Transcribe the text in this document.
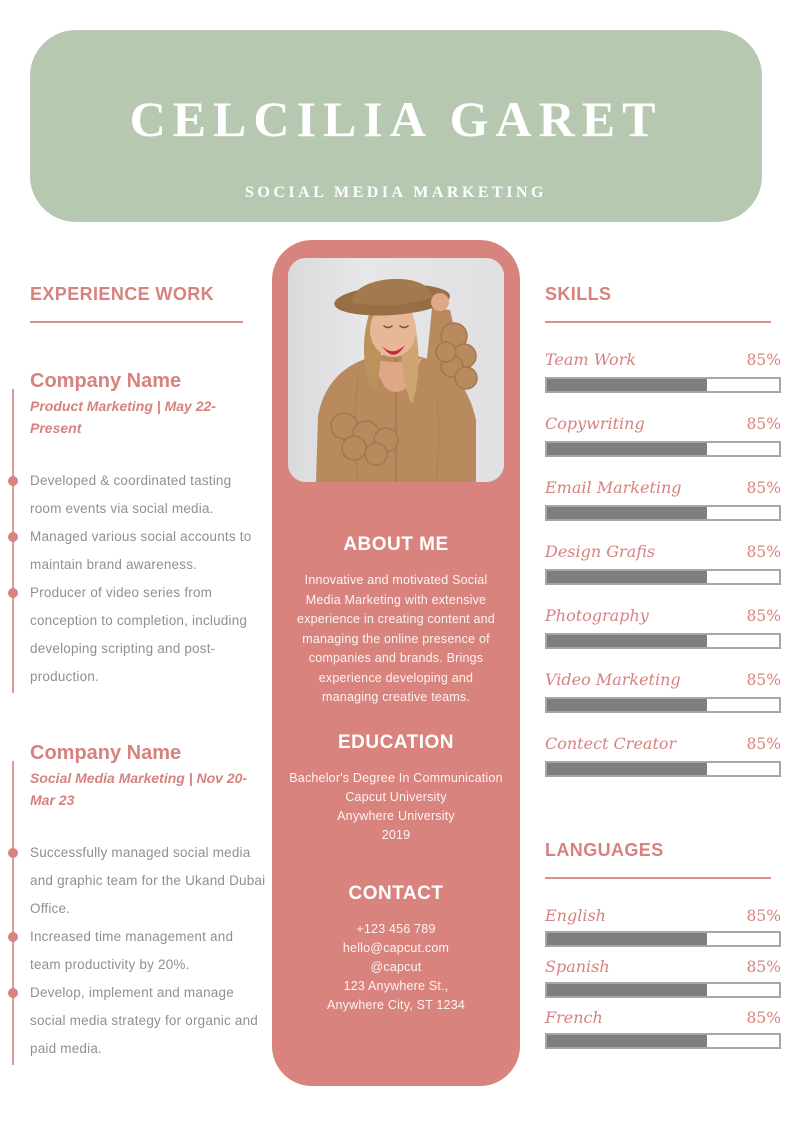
CELCILIA GARET
SOCIAL MEDIA MARKETING
EXPERIENCE WORK
Company Name
Product Marketing | May 22-Present
Developed & coordinated tasting room events via social media.
Managed various social accounts to maintain brand awareness.
Producer of video series from conception to completion, including developing scripting and post-production.
Company Name
Social Media Marketing | Nov 20-Mar 23
Successfully managed social media and graphic team for the Ukand Dubai Office.
Increased time management and team productivity by 20%.
Develop, implement and manage social media strategy for organic and paid media.
ABOUT ME

Innovative and motivated Social Media Marketing with extensive experience in creating content and managing the online presence of companies and brands. Brings experience developing and managing creative teams.

EDUCATION
Bachelor's Degree In Communication
Capcut University
Anywhere University
2019
CONTACT
+123 456 789
hello@capcut.com
@capcut
123 Anywhere St.,
Anywhere City, ST 1234
SKILLS
Team Work	85%
Copywriting	85%
Email Marketing	85%
Design Grafis	85%
Photography	85%
Video Marketing	85%
Contect Creator	85%
LANGUAGES
English	85%
Spanish	85%
French	85%
